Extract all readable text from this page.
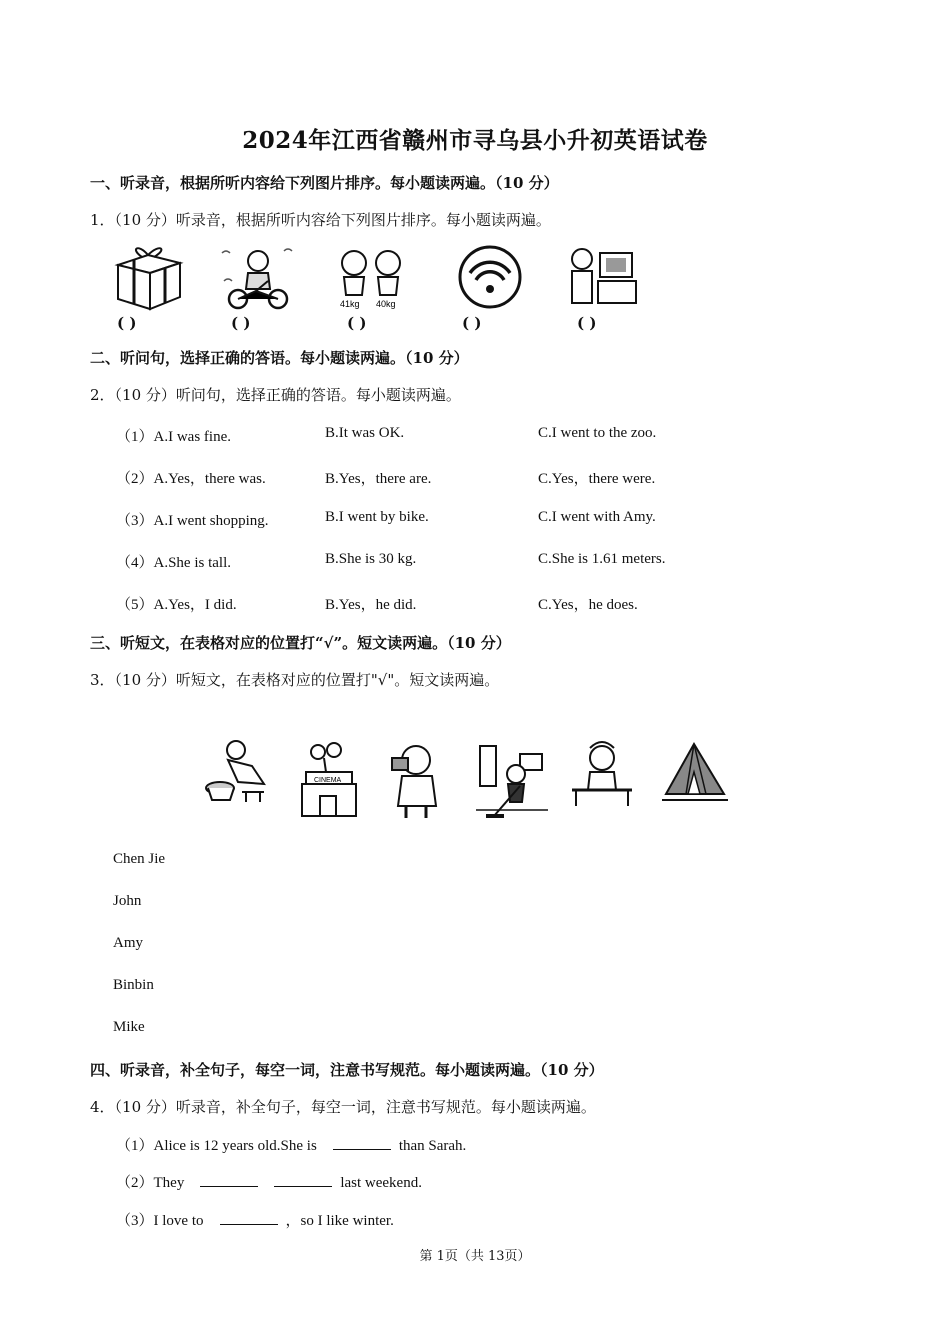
2024年江西省赣州市寻乌县小升初英语试卷
一、听录音，根据所听内容给下列图片排序。每小题读两遍。（10 分）
1．（10 分）听录音，根据所听内容给下列图片排序。每小题读两遍。
41kg 40kg
( )	( )	( )	( )	( )
二、听问句，选择正确的答语。每小题读两遍。（10 分）
2．（10 分）听问句，选择正确的答语。每小题读两遍。
（1）A.I was fine.	B.It was OK.	C.I went to the zoo.
（2）A.Yes，there was.	B.Yes，there are.	C.Yes，there were.
（3）A.I went shopping.	B.I went by bike.	C.I went with Amy.
（4）A.She is tall.	B.She is 30 kg.	C.She is 1.61 meters.
（5）A.Yes，I did.	B.Yes，he did.	C.Yes，he does.
三、听短文，在表格对应的位置打“√”。短文读两遍。（10 分）
3．（10 分）听短文，在表格对应的位置打"√"。短文读两遍。
CINEMA
Chen Jie
John
Amy
Binbin
Mike
四、听录音，补全句子，每空一词，注意书写规范。每小题读两遍。（10 分）
4．（10 分）听录音，补全句子，每空一词，注意书写规范。每小题读两遍。
（1）Alice is 12 years old.She is	than Sarah.
（2）They	last weekend.
（3）I love to	，so I like winter.
第 1页（共 13页）
